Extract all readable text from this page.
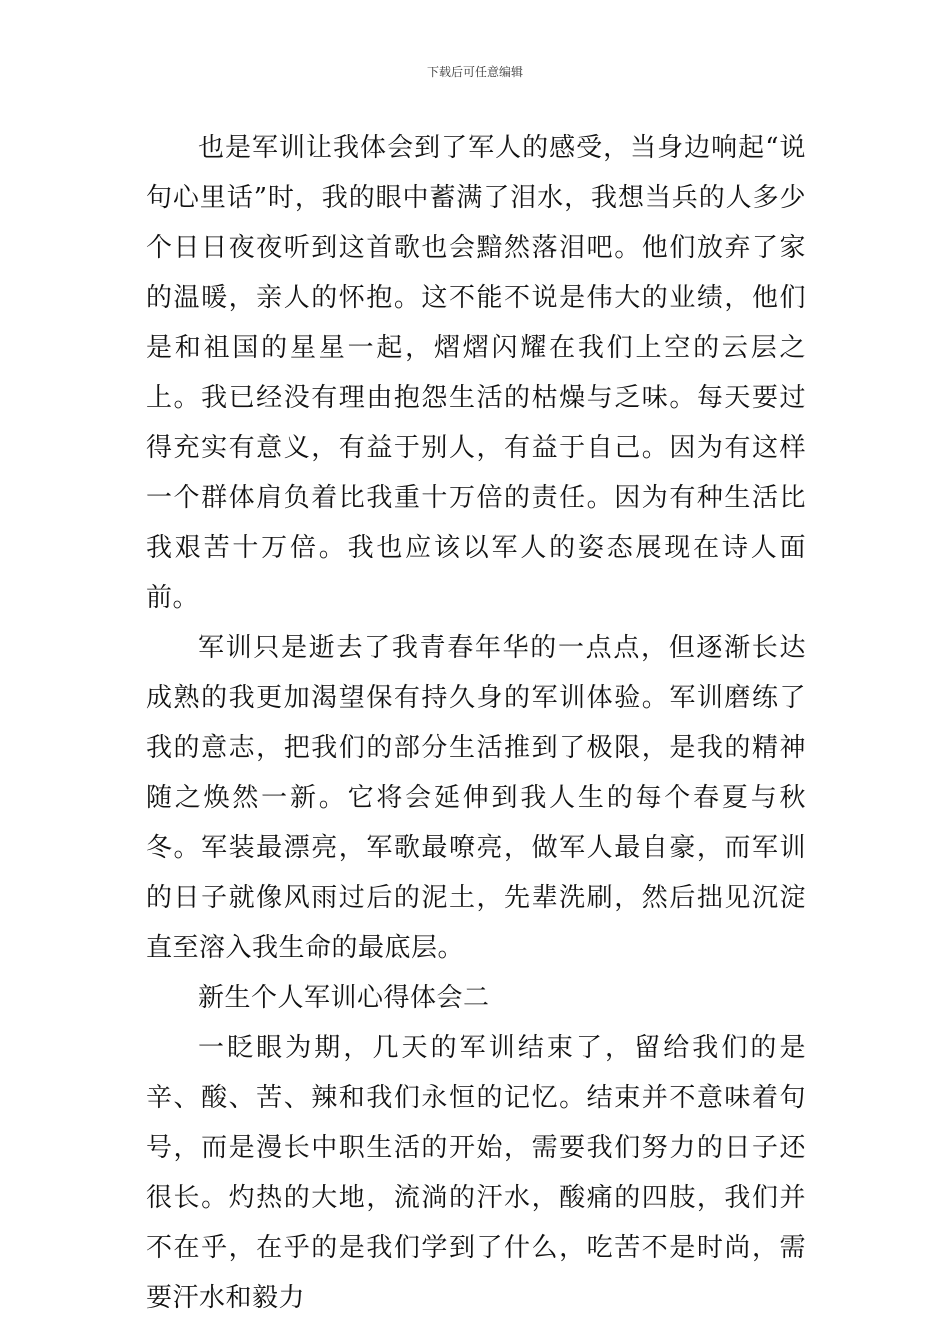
下载后可任意编辑

也是军训让我体会到了军人的感受，当身边响起“说句心里话”时，我的眼中蓄满了泪水，我想当兵的人多少个日日夜夜听到这首歌也会黯然落泪吧。他们放弃了家的温暖，亲人的怀抱。这不能不说是伟大的业绩，他们是和祖国的星星一起，熠熠闪耀在我们上空的云层之上。我已经没有理由抱怨生活的枯燥与乏味。每天要过得充实有意义，有益于别人，有益于自己。因为有这样一个群体肩负着比我重十万倍的责任。因为有种生活比我艰苦十万倍。我也应该以军人的姿态展现在诗人面前。

军训只是逝去了我青春年华的一点点，但逐渐长达成熟的我更加渴望保有持久身的军训体验。军训磨练了我的意志，把我们的部分生活推到了极限，是我的精神随之焕然一新。它将会延伸到我人生的每个春夏与秋冬。军装最漂亮，军歌最嘹亮，做军人最自豪，而军训的日子就像风雨过后的泥土，先辈洗刷，然后拙见沉淀直至溶入我生命的最底层。

新生个人军训心得体会二

一眨眼为期，几天的军训结束了，留给我们的是辛、酸、苦、辣和我们永恒的记忆。结束并不意味着句号，而是漫长中职生活的开始，需要我们努力的日子还很长。灼热的大地，流淌的汗水，酸痛的四肢，我们并不在乎，在乎的是我们学到了什么，吃苦不是时尚，需要汗水和毅力
